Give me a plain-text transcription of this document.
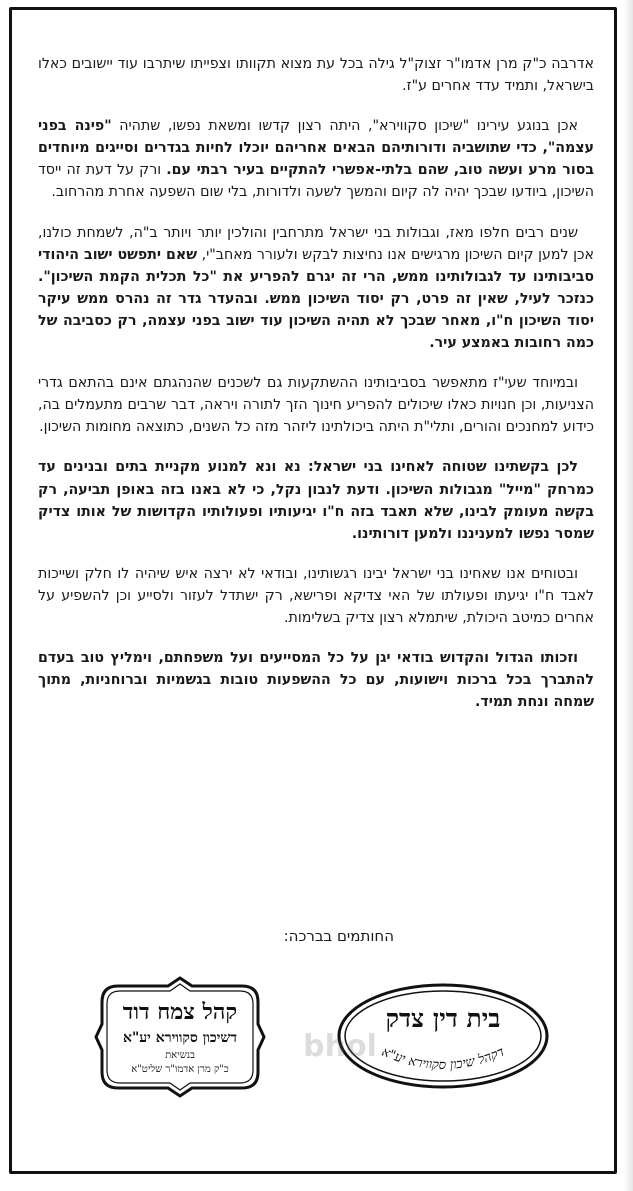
אדרבה כ"ק מרן אדמו"ר זצוק"ל גילה בכל עת מצוא תקוותו וצפייתו שיתרבו עוד יישובים כאלו בישראל, ותמיד עדד אחרים ע"ז.

אכן בנוגע עירינו "שיכון סקווירא", היתה רצון קדשו ומשאת נפשו, שתהיה "פינה בפני עצמה", כדי שתושביה ודורותיהם הבאים אחריהם יוכלו לחיות בגדרים וסייגים מיוחדים בסור מרע ועשה טוב, שהם בלתי-אפשרי להתקיים בעיר רבתי עם. ורק על דעת זה ייסד השיכון, ביודעו שבכך יהיה לה קיום והמשך לשעה ולדורות, בלי שום השפעה אחרת מהרחוב.

שנים רבים חלפו מאז, וגבולות בני ישראל מתרחבין והולכין יותר ויותר ב"ה, לשמחת כולנו, אכן למען קיום השיכון מרגישים אנו נחיצות לבקש ולעורר מאחב"י, שאם יתפשט ישוב היהודי סביבותינו עד לגבולותינו ממש, הרי זה יגרם להפריע את "כל תכלית הקמת השיכון". כנזכר לעיל, שאין זה פרט, רק יסוד השיכון ממש. ובהעדר גדר זה נהרס ממש עיקר יסוד השיכון ח"ו, מאחר שבכך לא תהיה השיכון עוד ישוב בפני עצמה, רק כסביבה של כמה רחובות באמצע עיר.

ובמיוחד שעי"ז מתאפשר בסביבותינו ההשתקעות גם לשכנים שהנהגתם אינם בהתאם גדרי הצניעות, וכן חנויות כאלו שיכולים להפריע חינוך הזך לתורה ויראה, דבר שרבים מתעמלים בה, כידוע למחנכים והורים, ותלי"ת היתה ביכולתינו ליזהר מזה כל השנים, כתוצאה מחומות השיכון.

לכן בקשתינו שטוחה לאחינו בני ישראל: נא ונא למנוע מקניית בתים ובנינים עד כמרחק "מייל" מגבולות השיכון. ודעת לנבון נקל, כי לא באנו בזה באופן תביעה, רק בקשה מעומק לבינו, שלא תאבד בזה ח"ו יגיעותיו ופעולותיו הקדושות של אותו צדיק שמסר נפשו למעניננו ולמען דורותינו.

ובטוחים אנו שאחינו בני ישראל יבינו רגשותינו, ובודאי לא ירצה איש שיהיה לו חלק ושייכות לאבד ח"ו יגיעתו ופעולתו של האי צדיקא ופרישא, רק ישתדל לעזור ולסייע וכן להשפיע על אחרים כמיטב היכולת, שיתמלא רצון צדיק בשלימות.

וזכותו הגדול והקדוש בודאי יגן על כל המסייעים ועל משפחתם, וימליץ טוב בעדם להתברך בכל ברכות וישועות, עם כל ההשפעות טובות בגשמיות וברוחניות, מתוך שמחה ונחת תמיד.

החותמים בברכה:
בית דין צדק
דקהל שיכון סקווירא יע"א
bhol
קהל צמח דוד
דשיכון סקווירא יע"א
בנשיאת
כ"ק מרן אדמו"ר שליט"א
